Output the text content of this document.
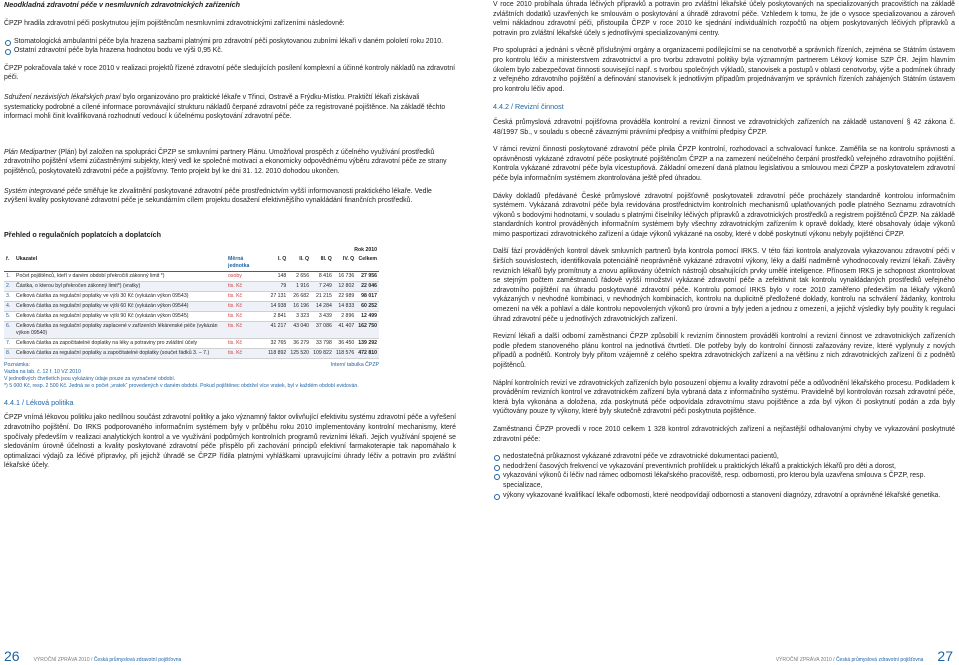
Neodkladná zdravotní péče v nesmluvních zdravotnických zařízeních

ČPZP hradila zdravotní péči poskytnutou jejím pojištěncům nesmluvními zdravotnickými zařízeními následovně:

Stomatologická ambulantní péče byla hrazena sazbami platnými pro zdravotní péči poskytovanou zubními lékaři v daném pololetí roku 2010.
Ostatní zdravotní péče byla hrazena hodnotou bodu ve výši 0,95 Kč.

ČPZP pokračovala také v roce 2010 v realizaci projektů řízené zdravotní péče sledujících posílení komplexní a účinné kontroly nákladů na zdravotní péči.

Sdružení nezávislých lékařských praxí bylo organizováno pro praktické lékaře v Třinci, Ostravě a Frýdku-Místku. Praktičtí lékaři získávali systematicky podrobné a cílené informace porovnávající strukturu nákladů čerpané zdravotní péče za registrované pojištěnce. Na základě těchto informací mohli činit kvalifikovaná rozhodnutí vedoucí k účelnému poskytování zdravotní péče.

Plán Medipartner (Plán) byl založen na spolupráci ČPZP se smluvními partnery Plánu. Umožňoval prospěch z účelného využívání prostředků zdravotního pojištění všemi zúčastněnými subjekty, který vedl ke společné motivaci a ekonomicky odpovědnému výběru zdravotní péče ze strany pojištěnců, poskytovatelů zdravotní péče a pojišťovny. Tento projekt byl ke dni 31. 12. 2010 dohodou ukončen.

Systém integrované péče směřuje ke zkvalitnění poskytované zdravotní péče prostřednictvím vyšší informovanosti praktického lékaře. Vedle zvýšení kvality poskytované zdravotní péče je sekundárním cílem projektu dosažení efektivnějšího vynakládání finančních prostředků.

Přehled o regulačních poplatcích a doplatcích
			Rok 2010				
ř.	Ukazatel	Měrná jednotka	I. Q	II. Q	III. Q	IV. Q	Celkem
1.	Počet pojištěnců, kteří v daném období překročili zákonný limit *)	osoby	148	2 656	8 416	16 736	27 956
2.	Částka, o kterou byl překročen zákonný limit*) (vratky)	tis. Kč	79	1 916	7 249	12 802	22 046
3.	Celková částka za regulační poplatky ve výši 30 Kč (vykázán výkon 09543)	tis. Kč	27 131	26 682	21 215	22 989	98 017
4.	Celková částka za regulační poplatky ve výši 60 Kč (vykázán výkon 09544)	tis. Kč	14 938	16 196	14 284	14 833	60 252
5.	Celková částka za regulační poplatky ve výši 90 Kč (vykázán výkon 09545)	tis. Kč	2 841	3 323	3 439	2 896	12 499
6.	Celková částka za regulační poplatky zaplacené v zařízeních lékárenské péče (vykázán výkon 09540)	tis. Kč	41 217	43 040	37 086	41 407	162 750
7.	Celková částka za započitatelné doplatky na léky a potraviny pro zvláštní účely	tis. Kč	32 765	36 279	33 798	36 450	139 292
8.	Celková částka za regulační poplatky a započitatelné doplatky (součet řádků 3. – 7.)	tis. Kč	118 892	125 520	109 822	118 576	472 810
Poznámka:	Interní tabulka ČPZP
Vazba na tab. č. 12 f. 10 VZ 2010
V jednotlivých čtvrtletích jsou vykázány údaje pouze za vyznačené období.
*) 5 000 Kč, resp. 2 500 Kč. Jedná se o počet „vratek“ provedených v daném období. Pokud pojištěnec obdržel více vratek, byl v každém období evidován.
4.4.1 / Léková politika

ČPZP vnímá lékovou politiku jako nedílnou součást zdravotní politiky a jako významný faktor ovlivňující efektivitu systému zdravotní péče a vyřešení zdravotního pojištění. Do IRKS podporovaného informačním systémem byly v průběhu roku 2010 implementovány kontrolní mechanismy, které spočívaly především v realizaci analytických kontrol a ve využívání podpůrných kontrolních programů revizními lékaři. Jejich využívání spojené se sledováním úrovně účelnosti a kvality poskytované zdravotní péče přispělo při zachování principů efektivní farmakoterapie tak napomáhalo k optimalizaci výdajů za léčivé přípravky, při jejichž úhradě se ČPZP řídila platnými vyhláškami upravujícími úhrady léčiv a potravin pro zvláštní lékařské účely.

V roce 2010 probíhala úhrada léčivých přípravků a potravin pro zvláštní lékařské účely poskytovaných na specializovaných pracovištích na základě zvláštních dodatků uzavřených ke smlouvám o poskytování a úhradě zdravotní péče. Vzhledem k tomu, že jde o vysoce specializovanou a zároveň velmi nákladnou zdravotní péči, přistoupila ČPZP v roce 2010 ke sjednání individuálních rozpočtů na objem poskytovaných léčivých přípravků a potravin pro zvláštní lékařské účely s jednotlivými specializovanými centry.

Pro spolupráci a jednání s věcně příslušnými orgány a organizacemi podílejícími se na cenotvorbě a správních řízeních, zejména se Státním ústavem pro kontrolu léčiv a ministerstvem zdravotnictví a pro tvorbu zdravotní politiky byla významným partnerem Lékový komise SZP ČR. Jejím hlavním úkolem bylo zabezpečovat činnosti související např. s tvorbou společných výkladů, stanovisek a postupů v oblasti cenotvorby, výše a podmínek úhrady z veřejného zdravotního pojištění a definování stanovisek k jednotlivým případům projednávaným ve správních řízeních zahájených Státním ústavem pro kontrolu léčiv apod.

4.4.2 / Revizní činnost

Česká průmyslová zdravotní pojišťovna prováděla kontrolní a revizní činnost ve zdravotnických zařízeních na základě ustanovení § 42 zákona č. 48/1997 Sb., v souladu s obecně závaznými právními předpisy a vnitřními předpisy ČPZP.

V rámci revizní činnosti poskytované zdravotní péče plnila ČPZP kontrolní, rozhodovací a schvalovací funkce. Zaměřila se na kontrolu správnosti a oprávněnosti vykázané zdravotní péče poskytnuté pojištěncům ČPZP a na zamezení neúčelného čerpání prostředků veřejného zdravotního pojištění. Kontrola vykázané zdravotní péče byla vícestupňová. Základní omezení daná platnou legislativou a smlouvou mezi ČPZP a poskytovatelem zdravotní péče byla informačním systémem zkontrolována ještě před úhradou.

Dávky dokladů předávané České průmyslové zdravotní pojišťovně poskytovateli zdravotní péče procházely standardně kontrolou informačním systémem. Vykázaná zdravotní péče byla revidována prostřednictvím kontrolních mechanismů uplatňovaných podle platného Seznamu zdravotních výkonů s bodovými hodnotami, v souladu s platnými číselníky léčivých přípravků a zdravotnických prostředků a registrem pojištěnců ČPZP. Na základě standardních kontrol prováděných informačním systémem byly všechny zdravotnickým zařízením k opravě doklady, které obsahovaly údaje výkonů mimo pasportizaci zdravotnického zařízení a údaje výkonů vykázané na osoby, které v době poskytnutí výkonu nebyly pojištěnci ČPZP.

Další fází prováděných kontrol dávek smluvních partnerů byla kontrola pomocí IRKS. V této fázi kontrola analyzovala vykazovanou zdravotní péči v širších souvislostech, identifikovala potenciálně neoprávněně vykázané zdravotní výkony, léky a další nadměrně vyhodnocovaly revizní lékaři. Závěry revizních lékařů byly promítnuty a znovu aplikovány účetních nástrojů obsahujících prvky umělé inteligence. Přínosem IRKS je schopnost zkontrolovat se stejným počtem zaměstnanců řádově vyšší množství vykázané zdravotní péče a zefektivnit tak kontrolu vynakládaných prostředků veřejného zdravotního pojištění na úhradu poskytované zdravotní péče. Kontrolu pomocí IRKS bylo v roce 2010 zaměřeno především na lékařy výkonů vykázaných v nevhodné kombinaci, v nevhodných kombinacích, kontrolu na duplicitně předložené doklady, kontrolu na schválení žádanky, kontrolu omezení na věk a pohlaví a dále kontrolu nepovolených výkonů pro úrovni a byly jeden a jednou z omezení, a jejichž výsledky byly použity k regulaci úhrad zdravotní péče u jednotlivých zdravotnických zařízení.

Revizní lékaři a další odborní zaměstnanci ČPZP způsobilí k revizním činnostem prováděli kontrolní a revizní činnost ve zdravotnických zařízeních podle předem stanoveného plánu kontrol na jednotlivá čtvrtletí. Dle potřeby byly do kontrolní činnosti zařazovány revize, které vyplynuly z nových případů a podnětů. Kontroly byly přitom vzájemně z celého spektra zdravotnických zařízení a na většinu z nich zdravotnických zařízení či z podnětů pojištěnců.

Náplní kontrolních revizí ve zdravotnických zařízeních bylo posouzení objemu a kvality zdravotní péče a odůvodnění lékařského procesu. Podkladem k prováděním revizních kontrol ve zdravotnickém zařízení byla vybraná data z informačního systému. Pravidelně byl kontrolován rozsah zdravotní péče, která byla vykonána a doložena, zda poskytnutá péče odpovídala zdravotnímu stavu pojištěnce a zda byl výkon či poskytnutí podán a zda byly vyúčtovány pouze ty výkony, které byly skutečně zdravotní péči poskytnuta pojištěnce.

Zaměstnanci ČPZP provedli v roce 2010 celkem 1 328 kontrol zdravotnických zařízení a nejčastější odhalovanými chyby ve vykazování poskytnuté zdravotní péče:

nedostatečná průkaznost vykázané zdravotní péče ve zdravotnické dokumentaci pacientů,
nedodržení časových frekvencí ve vykazování preventivních prohlídek u praktických lékařů a praktických lékařů pro děti a dorost,
vykazování výkonů či léčiv nad rámec odbornosti lékařského pracoviště, resp. odbornosti, pro kterou byla uzavřena smlouva s ČPZP, resp. specializace,
výkony vykazované kvalifikací lékaře odbornosti, které neodpovídají odbornosti a stanovení diagnózy, zdravotní a oprávněné lékařské genetika.
26	VÝROČNÍ ZPRÁVA 2010 / Česká průmyslová zdravotní pojišťovna	VÝROČNÍ ZPRÁVA 2010 / Česká průmyslová zdravotní pojišťovna 27
